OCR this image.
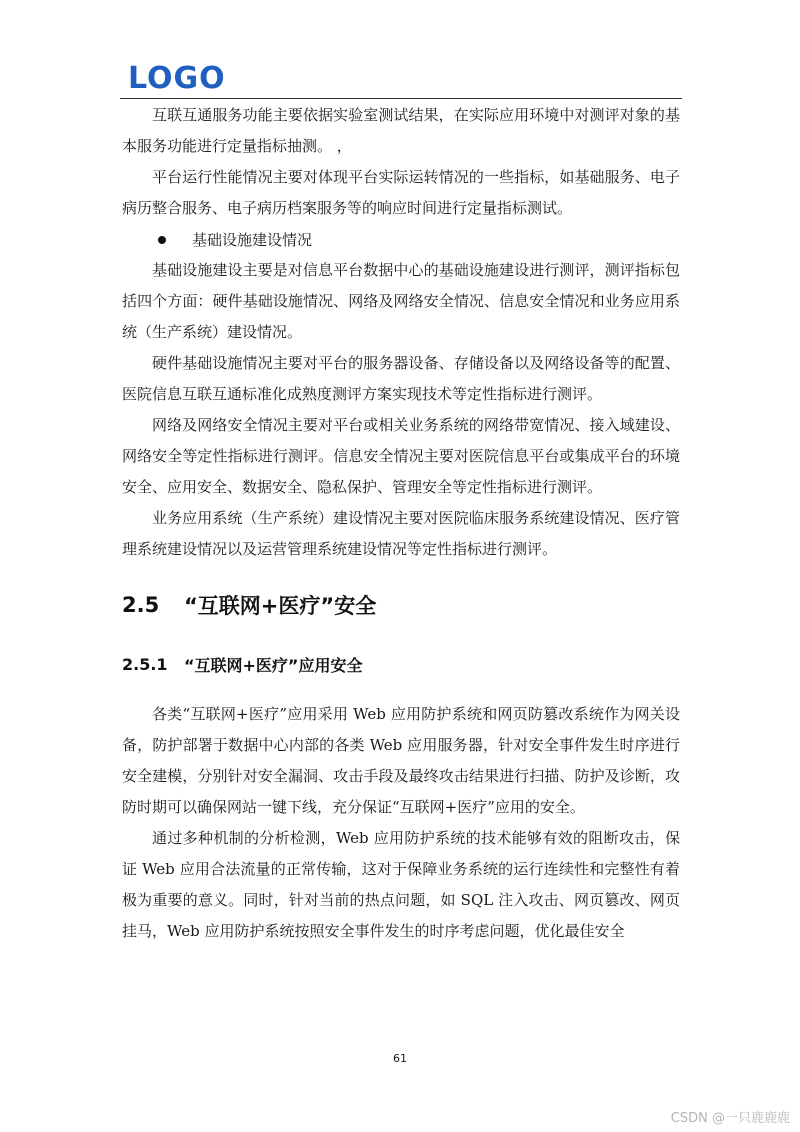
LOGO

互联互通服务功能主要依据实验室测试结果，在实际应用环境中对测评对象的基本服务功能进行定量指标抽测。 ，

平台运行性能情况主要对体现平台实际运转情况的一些指标，如基础服务、电子病历整合服务、电子病历档案服务等的响应时间进行定量指标测试。

基础设施建设情况

基础设施建设主要是对信息平台数据中心的基础设施建设进行测评，测评指标包括四个方面：硬件基础设施情况、网络及网络安全情况、信息安全情况和业务应用系统（生产系统）建设情况。

硬件基础设施情况主要对平台的服务器设备、存储设备以及网络设备等的配置、医院信息互联互通标准化成熟度测评方案实现技术等定性指标进行测评。

网络及网络安全情况主要对平台或相关业务系统的网络带宽情况、接入域建设、网络安全等定性指标进行测评。信息安全情况主要对医院信息平台或集成平台的环境安全、应用安全、数据安全、隐私保护、管理安全等定性指标进行测评。

业务应用系统（生产系统）建设情况主要对医院临床服务系统建设情况、医疗管理系统建设情况以及运营管理系统建设情况等定性指标进行测评。

2.5	“互联网+医疗”安全
2.5.1	“互联网+医疗”应用安全

各类“互联网+医疗”应用采用 Web 应用防护系统和网页防篡改系统作为网关设备，防护部署于数据中心内部的各类 Web 应用服务器，针对安全事件发生时序进行安全建模，分别针对安全漏洞、攻击手段及最终攻击结果进行扫描、防护及诊断，攻防时期可以确保网站一键下线，充分保证“互联网+医疗”应用的安全。

通过多种机制的分析检测，Web 应用防护系统的技术能够有效的阻断攻击，保证 Web 应用合法流量的正常传输，这对于保障业务系统的运行连续性和完整性有着极为重要的意义。同时，针对当前的热点问题，如 SQL 注入攻击、网页篡改、网页挂马，Web 应用防护系统按照安全事件发生的时序考虑问题，优化最佳安全

61
CSDN @一只鹿鹿鹿
